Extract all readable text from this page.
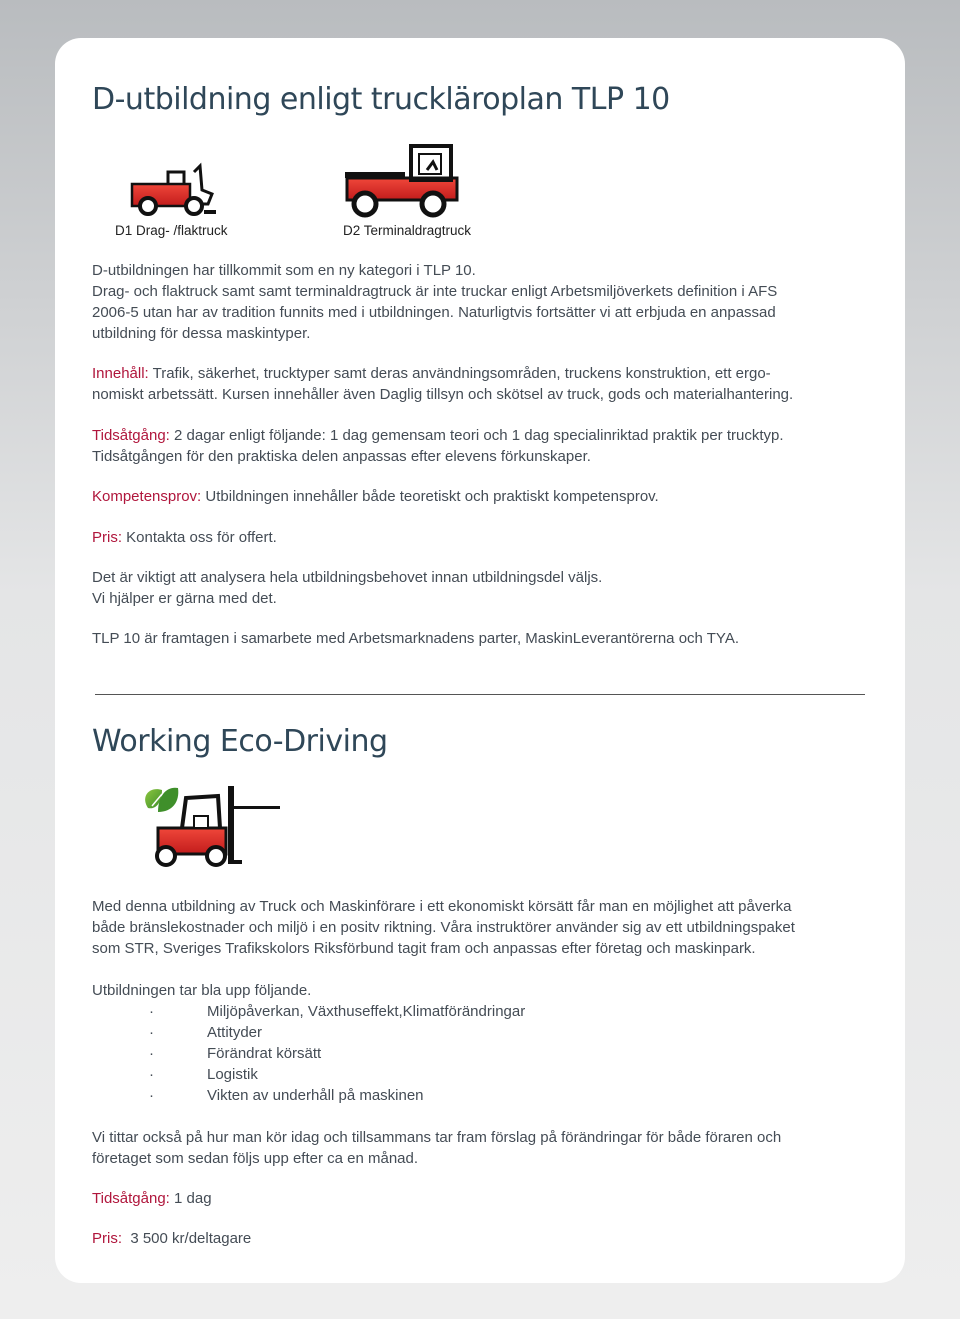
D-utbildning enligt truckläroplan TLP 10
D1 Drag- /flaktruck	D2 Terminaldragtruck
D-utbildningen har tillkommit som en ny kategori i TLP 10.
Drag- och flaktruck samt samt terminaldragtruck är inte truckar enligt Arbetsmiljöverkets definition i AFS
2006-5 utan har av tradition funnits med i utbildningen. Naturligtvis fortsätter vi att erbjuda en anpassad
utbildning för dessa maskintyper.
Innehåll: Trafik, säkerhet, trucktyper samt deras användningsområden, truckens konstruktion, ett ergo-
nomiskt arbetssätt. Kursen innehåller även Daglig tillsyn och skötsel av truck, gods och materialhantering.
Tidsåtgång: 2 dagar enligt följande: 1 dag gemensam teori och 1 dag specialinriktad praktik per trucktyp.
Tidsåtgången för den praktiska delen anpassas efter elevens förkunskaper.
Kompetensprov: Utbildningen innehåller både teoretiskt och praktiskt kompetensprov.
Pris: Kontakta oss för offert.
Det är viktigt att analysera hela utbildningsbehovet innan utbildningsdel väljs.
Vi hjälper er gärna med det.
TLP 10 är framtagen i samarbete med Arbetsmarknadens parter, MaskinLeverantörerna och TYA.
Working Eco-Driving
Med denna utbildning av Truck och Maskinförare i ett ekonomiskt körsätt får man en möjlighet att påverka
både bränslekostnader och miljö i en positv riktning. Våra instruktörer använder sig av ett utbildningspaket
som STR, Sveriges Trafikskolors Riksförbund tagit fram och anpassas efter företag och maskinpark.
Utbildningen tar bla upp följande.
·	Miljöpåverkan, Växthuseffekt,Klimatförändringar
·	Attityder
·	Förändrat körsätt
·	Logistik
·	Vikten av underhåll på maskinen
Vi tittar också på hur man kör idag och tillsammans tar fram förslag på förändringar för både föraren och
företaget som sedan följs upp efter ca en månad.
Tidsåtgång: 1 dag
Pris:  3 500 kr/deltagare
